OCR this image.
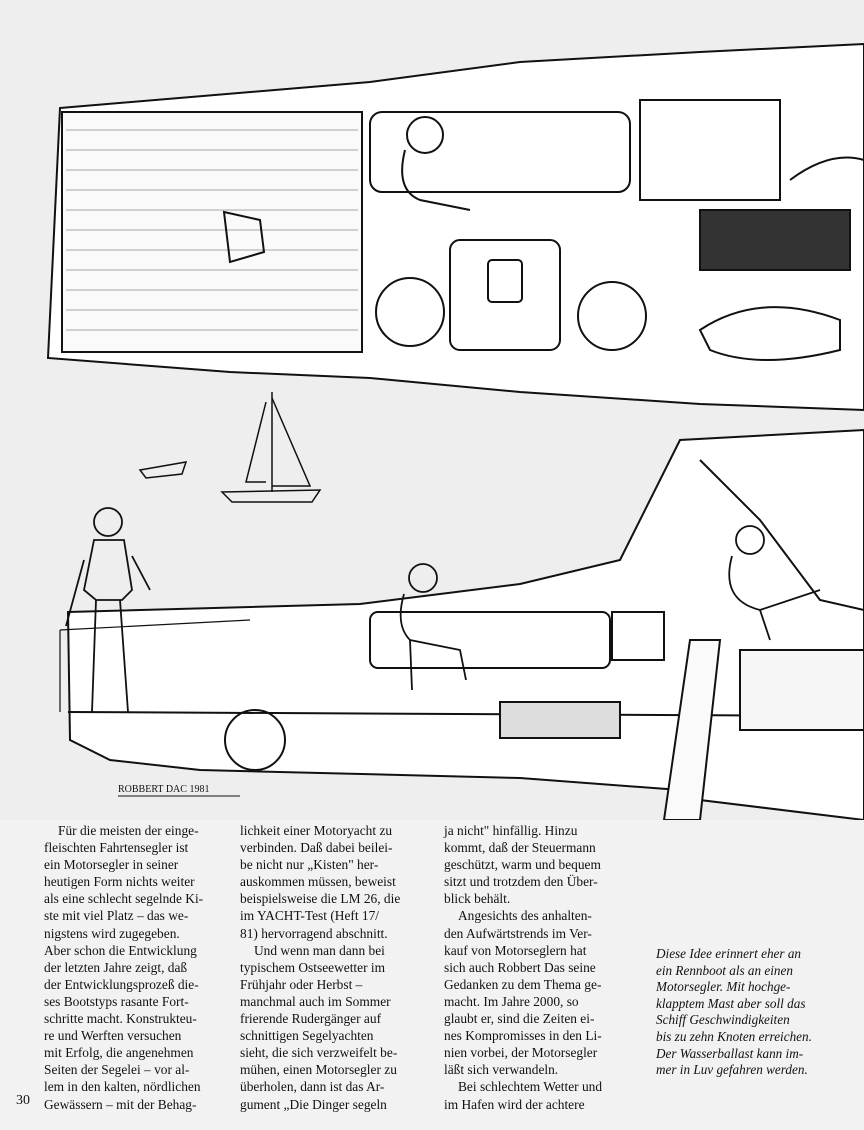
ROBBERT DAC 1981
Für die meisten der einge-
fleischten Fahrtensegler ist
ein Motorsegler in seiner
heutigen Form nichts weiter
als eine schlecht segelnde Ki-
ste mit viel Platz – das we-
nigstens wird zugegeben.
Aber schon die Entwicklung
der letzten Jahre zeigt, daß
der Entwicklungsprozeß die-
ses Bootstyps rasante Fort-
schritte macht. Konstrukteu-
re und Werften versuchen
mit Erfolg, die angenehmen
Seiten der Segelei – vor al-
lem in den kalten, nördlichen
Gewässern – mit der Behag-
lichkeit einer Motoryacht zu
verbinden. Daß dabei beilei-
be nicht nur „Kisten" her-
auskommen müssen, beweist
beispielsweise die LM 26, die
im YACHT-Test (Heft 17/
81) hervorragend abschnitt.
Und wenn man dann bei
typischem Ostseewetter im
Frühjahr oder Herbst –
manchmal auch im Sommer
frierende Rudergänger auf
schnittigen Segelyachten
sieht, die sich verzweifelt be-
mühen, einen Motorsegler zu
überholen, dann ist das Ar-
gument „Die Dinger segeln
ja nicht" hinfällig. Hinzu
kommt, daß der Steuermann
geschützt, warm und bequem
sitzt und trotzdem den Über-
blick behält.
Angesichts des anhalten-
den Aufwärtstrends im Ver-
kauf von Motorseglern hat
sich auch Robbert Das seine
Gedanken zu dem Thema ge-
macht. Im Jahre 2000, so
glaubt er, sind die Zeiten ei-
nes Kompromisses in den Li-
nien vorbei, der Motorsegler
läßt sich verwandeln.
Bei schlechtem Wetter und
im Hafen wird der achtere
Diese Idee erinnert eher an
ein Rennboot als an einen
Motorsegler. Mit hochge-
klapptem Mast aber soll das
Schiff Geschwindigkeiten
bis zu zehn Knoten erreichen.
Der Wasserballast kann im-
mer in Luv gefahren werden.
30
